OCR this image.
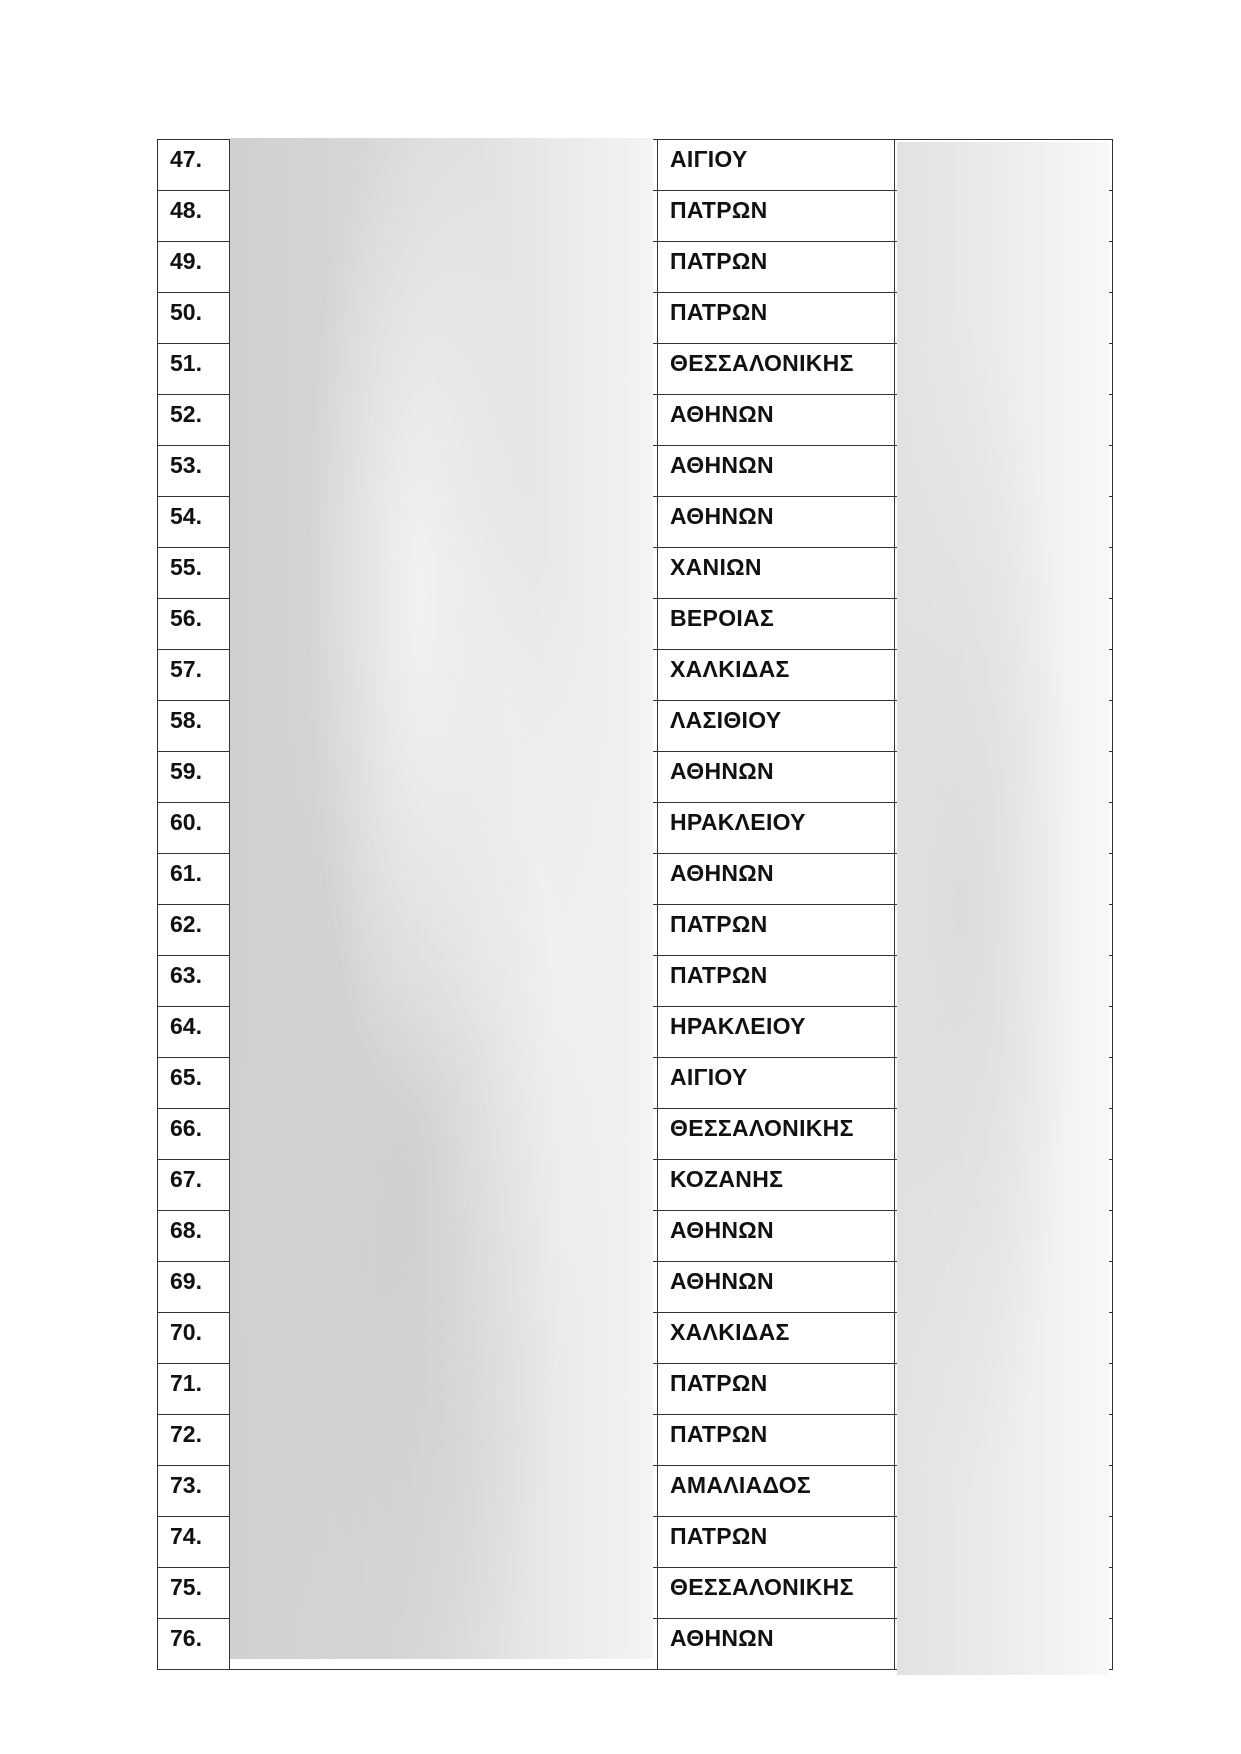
47.	ΑΙΓΙΟΥ
48.	ΠΑΤΡΩΝ
49.	ΠΑΤΡΩΝ
50.	ΠΑΤΡΩΝ
51.	ΘΕΣΣΑΛΟΝΙΚΗΣ
52.	ΑΘΗΝΩΝ
53.	ΑΘΗΝΩΝ
54.	ΑΘΗΝΩΝ
55.	ΧΑΝΙΩΝ
56.	ΒΕΡΟΙΑΣ
57.	ΧΑΛΚΙΔΑΣ
58.	ΛΑΣΙΘΙΟΥ
59.	ΑΘΗΝΩΝ
60.	ΗΡΑΚΛΕΙΟΥ
61.	ΑΘΗΝΩΝ
62.	ΠΑΤΡΩΝ
63.	ΠΑΤΡΩΝ
64.	ΗΡΑΚΛΕΙΟΥ
65.	ΑΙΓΙΟΥ
66.	ΘΕΣΣΑΛΟΝΙΚΗΣ
67.	ΚΟΖΑΝΗΣ
68.	ΑΘΗΝΩΝ
69.	ΑΘΗΝΩΝ
70.	ΧΑΛΚΙΔΑΣ
71.	ΠΑΤΡΩΝ
72.	ΠΑΤΡΩΝ
73.	ΑΜΑΛΙΑΔΟΣ
74.	ΠΑΤΡΩΝ
75.	ΘΕΣΣΑΛΟΝΙΚΗΣ
76.	ΑΘΗΝΩΝ
